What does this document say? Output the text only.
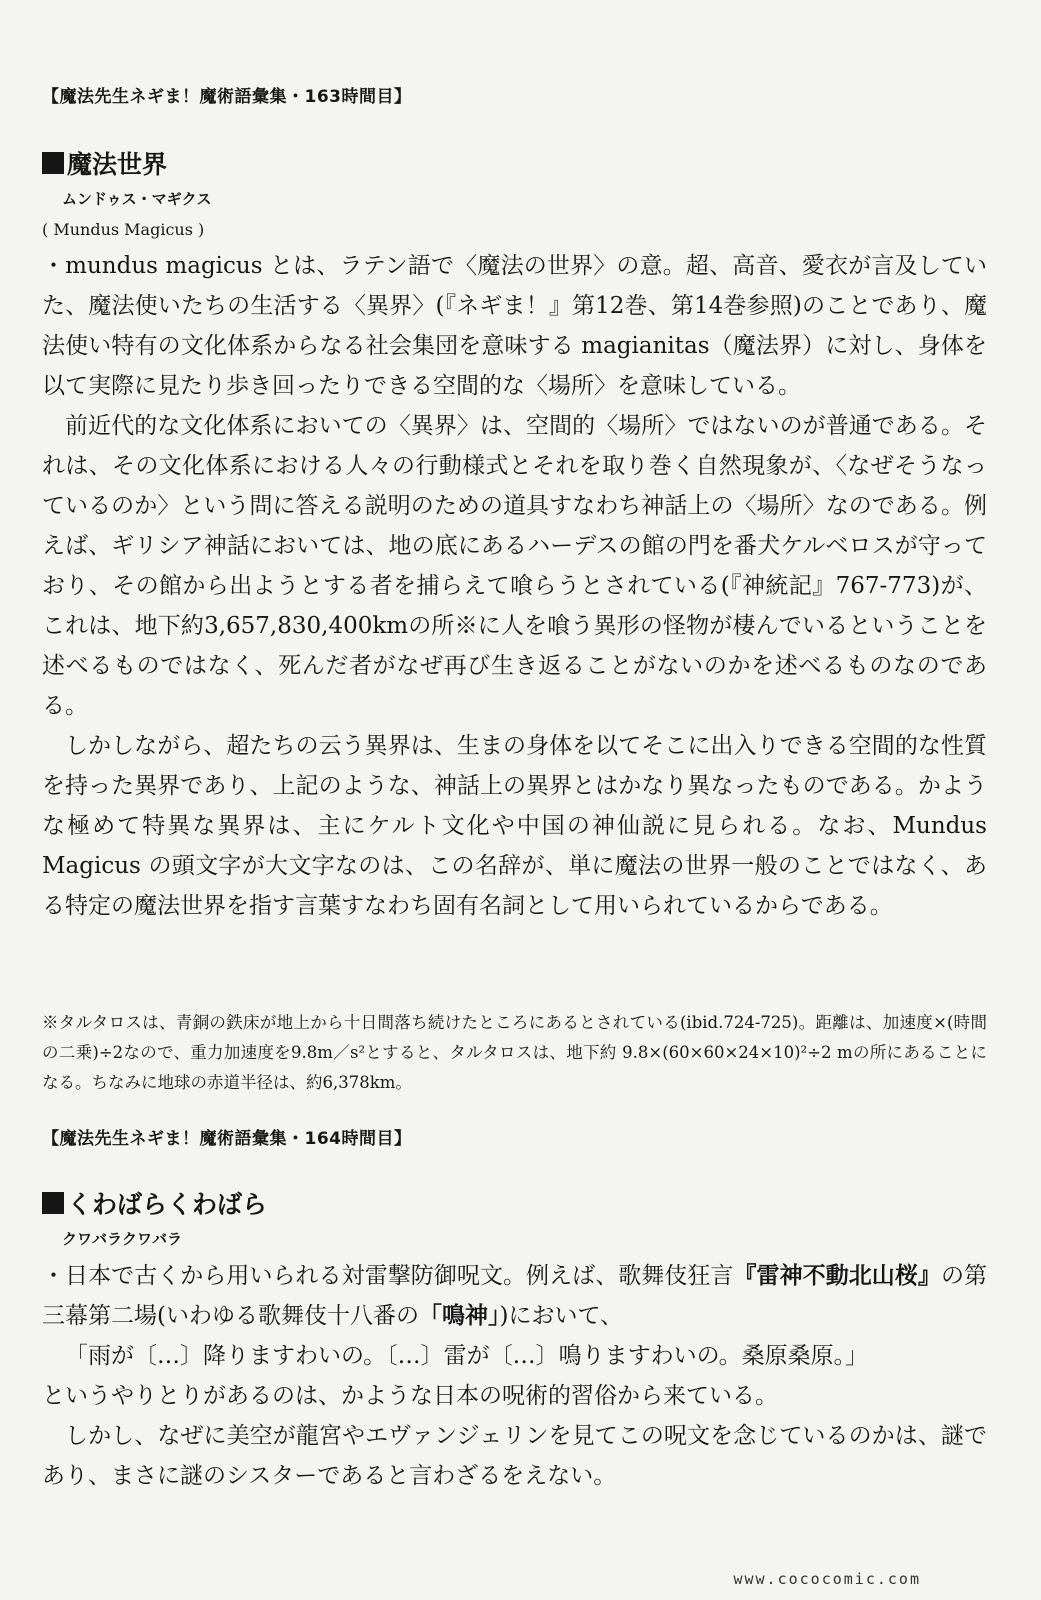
【魔法先生ネギま！魔術語彙集・163時間目】
魔法世界
ムンドゥス・マギクス
( Mundus Magicus )

・mundus magicus とは、ラテン語で〈魔法の世界〉の意。超、高音、愛衣が言及していた、魔法使いたちの生活する〈異界〉(『ネギま！』第12巻、第14巻参照)のことであり、魔法使い特有の文化体系からなる社会集団を意味する magianitas（魔法界）に対し、身体を以て実際に見たり歩き回ったりできる空間的な〈場所〉を意味している。

前近代的な文化体系においての〈異界〉は、空間的〈場所〉ではないのが普通である。それは、その文化体系における人々の行動様式とそれを取り巻く自然現象が、〈なぜそうなっているのか〉という問に答える説明のための道具すなわち神話上の〈場所〉なのである。例えば、ギリシア神話においては、地の底にあるハーデスの館の門を番犬ケルベロスが守っており、その館から出ようとする者を捕らえて喰らうとされている(『神統記』767-773)が、これは、地下約3,657,830,400kmの所※に人を喰う異形の怪物が棲んでいるということを述べるものではなく、死んだ者がなぜ再び生き返ることがないのかを述べるものなのである。

しかしながら、超たちの云う異界は、生まの身体を以てそこに出入りできる空間的な性質を持った異界であり、上記のような、神話上の異界とはかなり異なったものである。かような極めて特異な異界は、主にケルト文化や中国の神仙説に見られる。なお、Mundus Magicus の頭文字が大文字なのは、この名辞が、単に魔法の世界一般のことではなく、ある特定の魔法世界を指す言葉すなわち固有名詞として用いられているからである。

※タルタロスは、青銅の鉄床が地上から十日間落ち続けたところにあるとされている(ibid.724-725)。距離は、加速度×(時間の二乗)÷2なので、重力加速度を9.8m／s²とすると、タルタロスは、地下約 9.8×(60×60×24×10)²÷2 mの所にあることになる。ちなみに地球の赤道半径は、約6,378km。
【魔法先生ネギま！魔術語彙集・164時間目】
くわばらくわばら
クワバラクワバラ

・日本で古くから用いられる対雷撃防御呪文。例えば、歌舞伎狂言『雷神不動北山桜』の第三幕第二場(いわゆる歌舞伎十八番の「鳴神」)において、

「雨が〔…〕降りますわいの。〔…〕雷が〔…〕鳴りますわいの。桑原桑原。」

というやりとりがあるのは、かような日本の呪術的習俗から来ている。

しかし、なぜに美空が龍宮やエヴァンジェリンを見てこの呪文を念じているのかは、謎であり、まさに謎のシスターであると言わざるをえない。

www.cococomic.com
